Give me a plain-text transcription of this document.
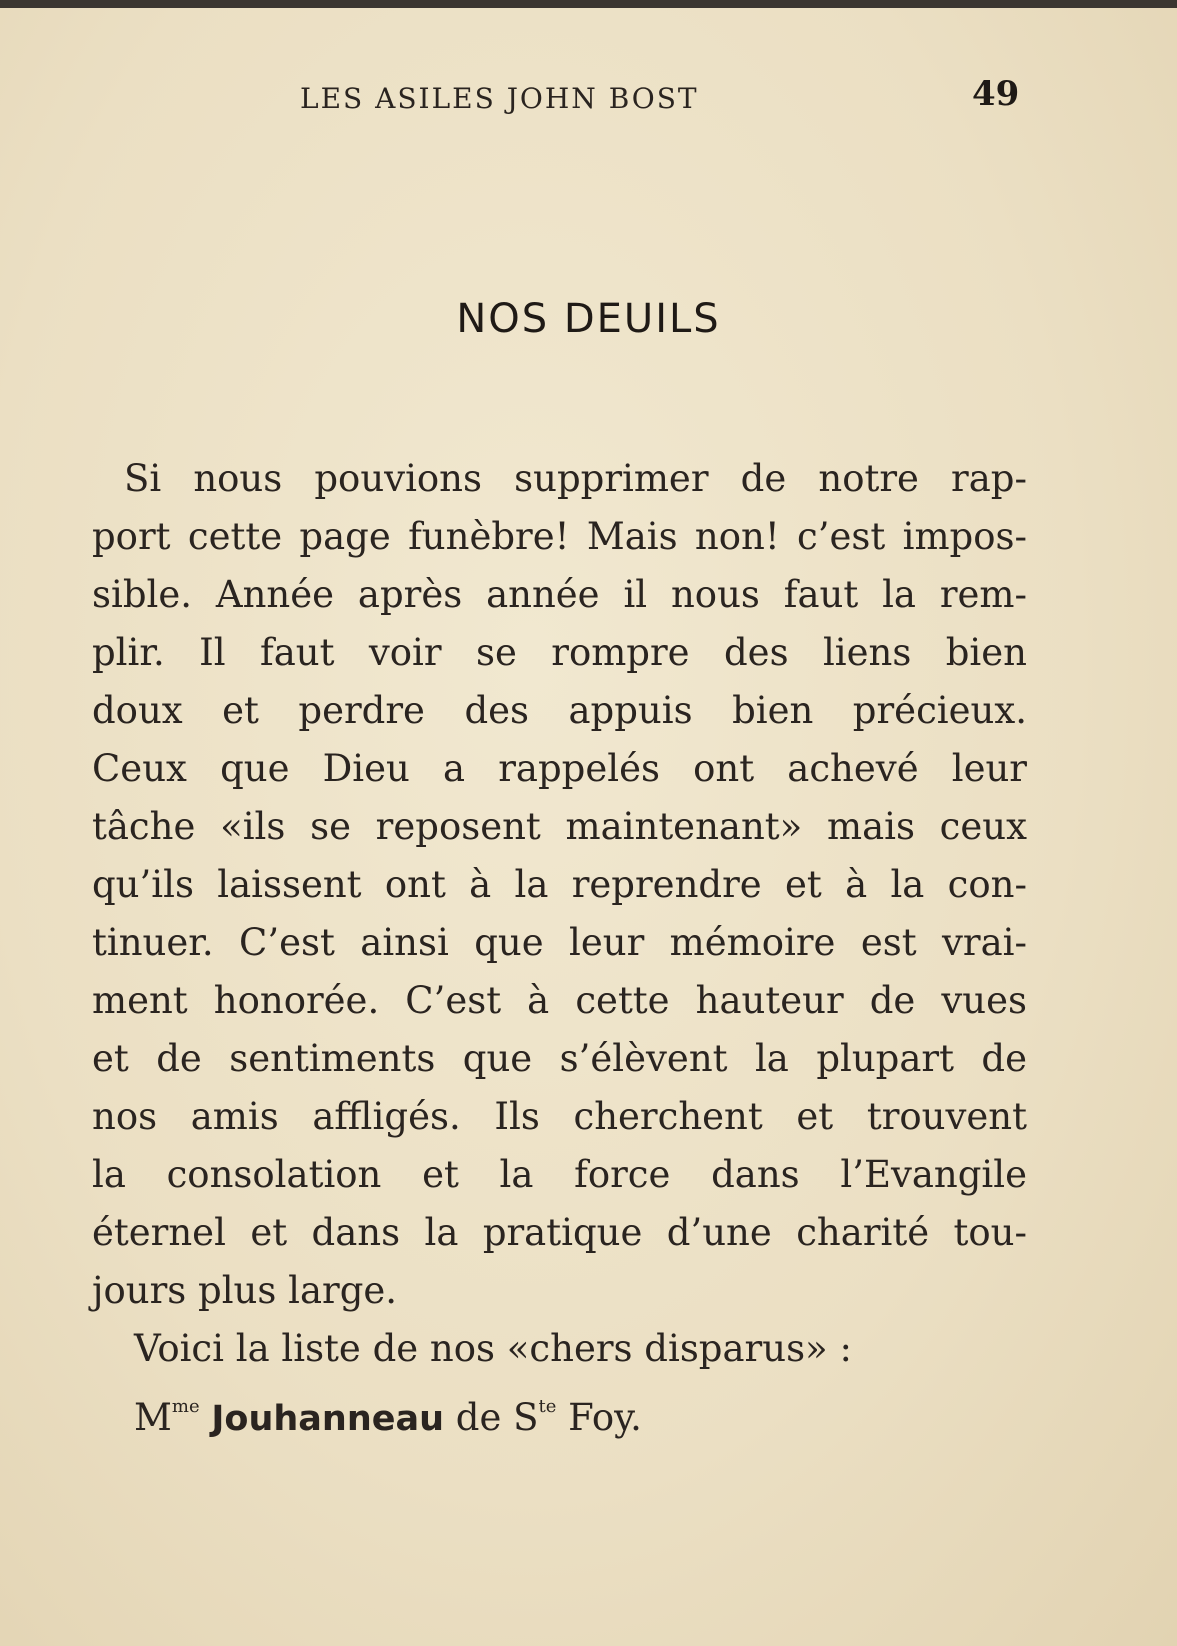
LES ASILES JOHN BOST	49
NOS DEUILS
Si nous pouvions supprimer de notre rap-
port cette page funèbre! Mais non! c’est impos-
sible. Année après année il nous faut la rem-
plir. Il faut voir se rompre des liens bien
doux et perdre des appuis bien précieux.
Ceux que Dieu a rappelés ont achevé leur
tâche «ils se reposent maintenant» mais ceux
qu’ils laissent ont à la reprendre et à la con-
tinuer. C’est ainsi que leur mémoire est vrai-
ment honorée. C’est à cette hauteur de vues
et de sentiments que s’élèvent la plupart de
nos amis affligés. Ils cherchent et trouvent
la consolation et la force dans l’Evangile
éternel et dans la pratique d’une charité tou-
jours plus large.
Voici la liste de nos «chers disparus» :
$M^{me}$ Jouhanneau de $S^{te}$ Foy.
